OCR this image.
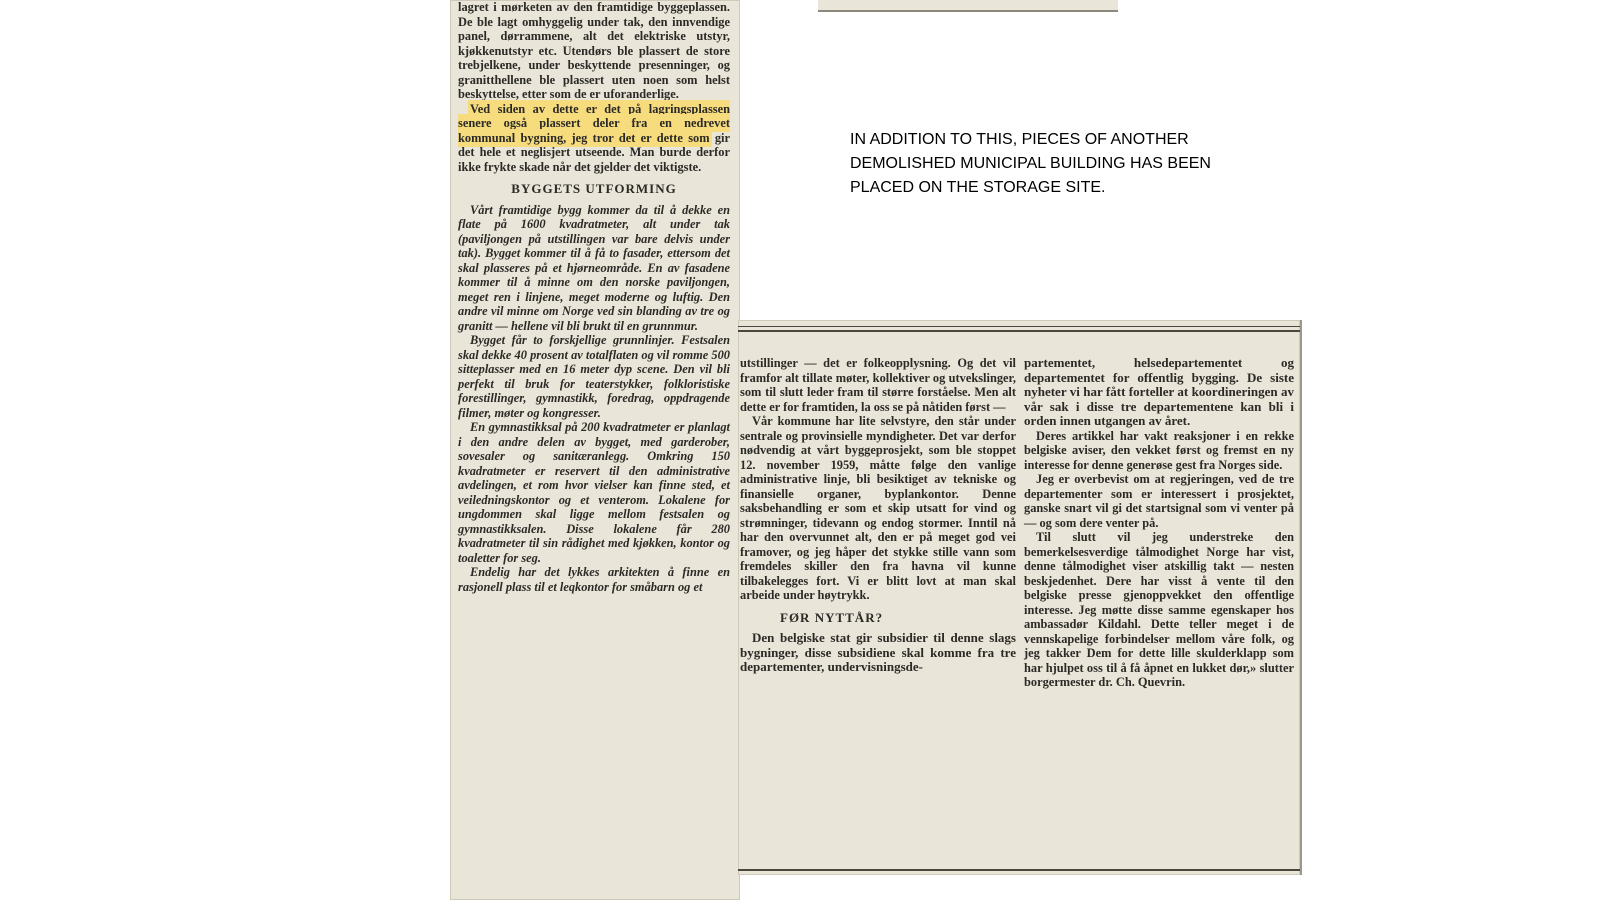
lagret i mørketen av den framtidige byggeplassen. De ble lagt omhyggelig under tak, den innvendige panel, dørrammene, alt det elektriske utstyr, kjøkkenutstyr etc. Utendørs ble plassert de store trebjelkene, under beskyttende presenninger, og granitthellene ble plassert uten noen som helst beskyttelse, etter som de er uforanderlige.

Ved siden av dette er det på lagringsplassen senere også plassert deler fra en nedrevet kommunal bygning, jeg tror det er dette som gir det hele et neglisjert utseende. Man burde derfor ikke frykte skade når det gjelder det viktigste.

BYGGETS UTFORMING

Vårt framtidige bygg kommer da til å dekke en flate på 1600 kvadratmeter, alt under tak (paviljongen på utstillingen var bare delvis under tak). Bygget kommer til å få to fasader, ettersom det skal plasseres på et hjørneområde. En av fasadene kommer til å minne om den norske paviljongen, meget ren i linjene, meget moderne og luftig. Den andre vil minne om Norge ved sin blanding av tre og granitt — hellene vil bli brukt til en grunnmur.

Bygget får to forskjellige grunnlinjer. Festsalen skal dekke 40 prosent av totalflaten og vil romme 500 sitteplasser med en 16 meter dyp scene. Den vil bli perfekt til bruk for teaterstykker, folkloristiske forestillinger, gymnastikk, foredrag, oppdragende filmer, møter og kongresser.

En gymnastikksal på 200 kvadratmeter er planlagt i den andre delen av bygget, med garderober, sovesaler og sanitæranlegg. Omkring 150 kvadratmeter er reservert til den administrative avdelingen, et rom hvor vielser kan finne sted, et veiledningskontor og et venterom. Lokalene for ungdommen skal ligge mellom festsalen og gymnastikksalen. Disse lokalene får 280 kvadratmeter til sin rådighet med kjøkken, kontor og toaletter for seg.

Endelig har det lykkes arkitekten å finne en rasjonell plass til et leqkontor for småbarn og et

IN ADDITION TO THIS, PIECES OF ANOTHER
DEMOLISHED MUNICIPAL BUILDING HAS BEEN
PLACED ON THE STORAGE SITE.

utstillinger — det er folkeopplysning. Og det vil framfor alt tillate møter, kollektiver og utvekslinger, som til slutt leder fram til større forståelse. Men alt dette er for framtiden, la oss se på nåtiden først —

Vår kommune har lite selvstyre, den står under sentrale og provinsielle myndigheter. Det var derfor nødvendig at vårt byggeprosjekt, som ble stoppet 12. november 1959, måtte følge den vanlige administrative linje, bli besiktiget av tekniske og finansielle organer, byplankontor. Denne saksbehandling er som et skip utsatt for vind og strømninger, tidevann og endog stormer. Inntil nå har den overvunnet alt, den er på meget god vei framover, og jeg håper det stykke stille vann som fremdeles skiller den fra havna vil kunne tilbakelegges fort. Vi er blitt lovt at man skal arbeide under høytrykk.

FØR NYTTÅR?

Den belgiske stat gir subsidier til denne slags bygninger, disse subsidiene skal komme fra tre departementer, undervisningsde-

partementet, helsedepartementet og departementet for offentlig bygging. De siste nyheter vi har fått forteller at koordineringen av vår sak i disse tre departementene kan bli i orden innen utgangen av året.

Deres artikkel har vakt reaksjoner i en rekke belgiske aviser, den vekket først og fremst en ny interesse for denne generøse gest fra Norges side.

Jeg er overbevist om at regjeringen, ved de tre departementer som er interessert i prosjektet, ganske snart vil gi det startsignal som vi venter på — og som dere venter på.

Til slutt vil jeg understreke den bemerkelsesverdige tålmodighet Norge har vist, denne tålmodighet viser atskillig takt — nesten beskjedenhet. Dere har visst å vente til den belgiske presse gjenoppvekket den offentlige interesse. Jeg møtte disse samme egenskaper hos ambassadør Kildahl. Dette teller meget i de vennskapelige forbindelser mellom våre folk, og jeg takker Dem for dette lille skulderklapp som har hjulpet oss til å få åpnet en lukket dør,» slutter borgermester dr. Ch. Quevrin.
